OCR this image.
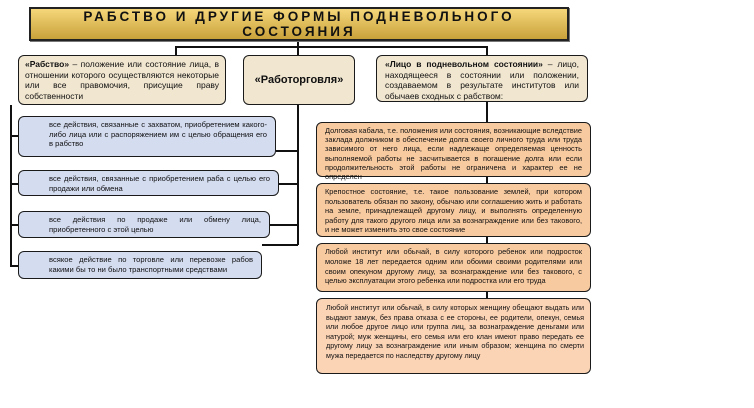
РАБСТВО И ДРУГИЕ ФОРМЫ ПОДНЕВОЛЬНОГО СОСТОЯНИЯ
«Рабство» – положение или состояние лица, в отношении которого осуществляются некоторые или все правомочия, присущие праву собственности
«Работорговля»
«Лицо в подневольном состоянии» – лицо, находящееся в состоянии или положении, создаваемом в результате институтов или обычаев сходных с рабством:
все действия, связанные с захватом, приобретением какого-либо лица или с распоряжением им с целью обращения его в рабство
все действия, связанные с приобретением раба с целью его продажи или обмена
все действия по продаже или обмену лица, приобретенного с этой целью
всякое действие по торговле или перевозке рабов какими бы то ни было транспортными средствами
Долговая кабала, т.е. положения или состояния, возникающие вследствие заклада должником в обеспечение долга своего личного труда или труда зависимого от него лица, если надлежаще определяемая ценность выполняемой работы не засчитывается в погашение долга или если продолжительность этой работы не ограничена и характер ее не определен
Крепостное состояние, т.е. такое пользование землей, при котором пользователь обязан по закону, обычаю или соглашению жить и работать на земле, принадлежащей другому лицу, и выполнять определенную работу для такого другого лица или за вознаграждение или без такового, и не может изменить это свое состояние
Любой институт или обычай, в силу которого ребенок или подросток моложе 18 лет передается одним или обоими своими родителями или своим опекуном другому лицу, за вознаграждение или без такового, с целью эксплуатации этого ребенка или подростка или его труда
Любой институт или обычай, в силу которых женщину обещают выдать или выдают замуж, без права отказа с ее стороны, ее родители, опекун, семья или любое другое лицо или группа лиц, за вознаграждение деньгами или натурой; муж женщины, его семья или его клан имеют право передать ее другому лицу за вознаграждение или иным образом; женщина по смерти мужа передается по наследству другому лицу
